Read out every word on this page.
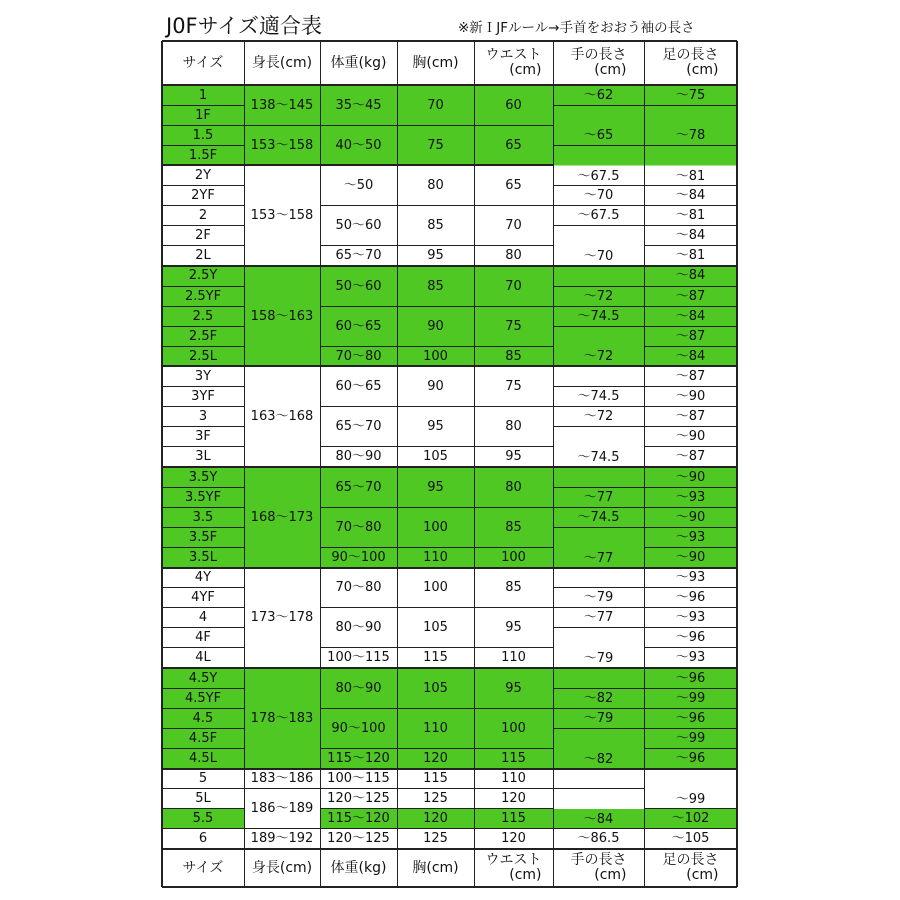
J0Fサイズ適合表	※新ＩJFルール→手首をおおう袖の長さ
サイズ 身長(cm) 体重(kg) 胸(cm) ウエスト
(cm)
手の長さ
(cm)
足の長さ
(cm)
サイズ 身長(cm) 体重(kg) 胸(cm) ウエスト
(cm)
手の長さ
(cm)
足の長さ
(cm)
1
1F
1.5
1.5F
2Y
2YF
2
2F
2L
2.5Y
2.5YF
2.5
2.5F
2.5L
3Y
3YF
3
3F
3L
3.5Y
3.5YF
3.5
3.5F
3.5L
4Y
4YF
4
4F
4L
4.5Y
4.5YF
4.5
4.5F
4.5L
5
5L
5.5
6
138〜145
153〜158
153〜158
158〜163
163〜168
168〜173
173〜178
178〜183
183〜186
186〜189
189〜192
35〜45
40〜50
〜50
50〜60
65〜70
50〜60
60〜65
70〜80
60〜65
65〜70
80〜90
65〜70
70〜80
90〜100
70〜80
80〜90
100〜115
80〜90
90〜100
115〜120
100〜115
120〜125
115〜120
120〜125
70
75
80
85
95
85
90
100
90
95
105
95
100
110
100
105
115
105
110
120
115
125
120
125
60
65
65
70
80
70
75
85
75
80
95
80
85
100
85
95
110
95
100
115
110
120
115
120
〜62
〜65
〜67.5
〜70
〜67.5
〜70
〜72
〜74.5
〜72
〜74.5
〜72
〜74.5
〜77
〜74.5
〜77
〜79
〜77
〜79
〜82
〜79
〜82
〜84
〜86.5
〜75
〜78
〜81
〜84
〜81
〜84
〜81
〜84
〜87
〜84
〜87
〜84
〜87
〜90
〜87
〜90
〜87
〜90
〜93
〜90
〜93
〜90
〜93
〜96
〜93
〜96
〜93
〜96
〜99
〜96
〜99
〜96
〜99
〜102
〜105
